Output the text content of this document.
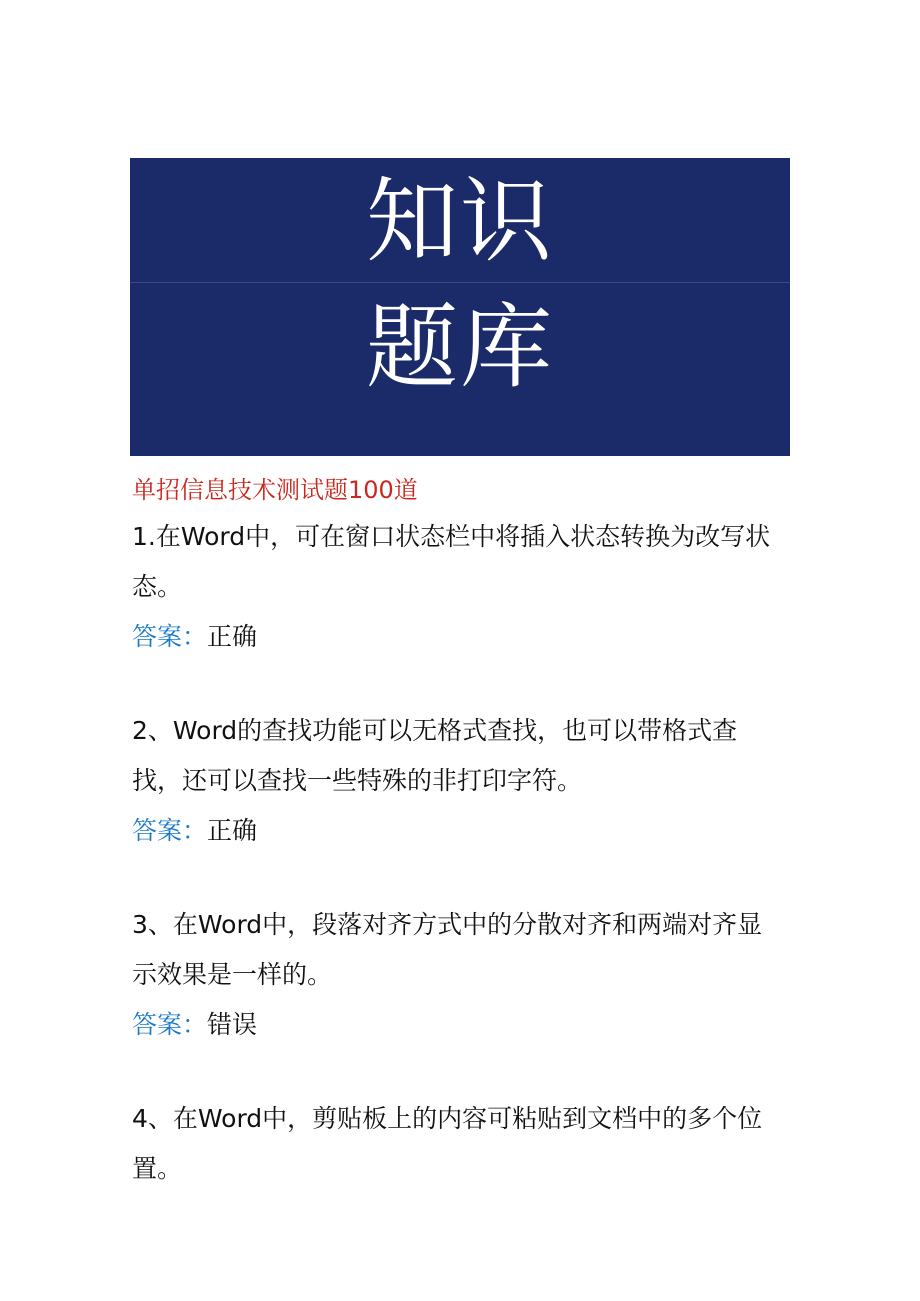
知识
题库

单招信息技术测试题100道

1.在Word中，可在窗口状态栏中将插入状态转换为改写状

态。

答案：正确

2、Word的查找功能可以无格式查找，也可以带格式查

找，还可以查找一些特殊的非打印字符。

答案：正确

3、在Word中，段落对齐方式中的分散对齐和两端对齐显

示效果是一样的。

答案：错误

4、在Word中，剪贴板上的内容可粘贴到文档中的多个位

置。
